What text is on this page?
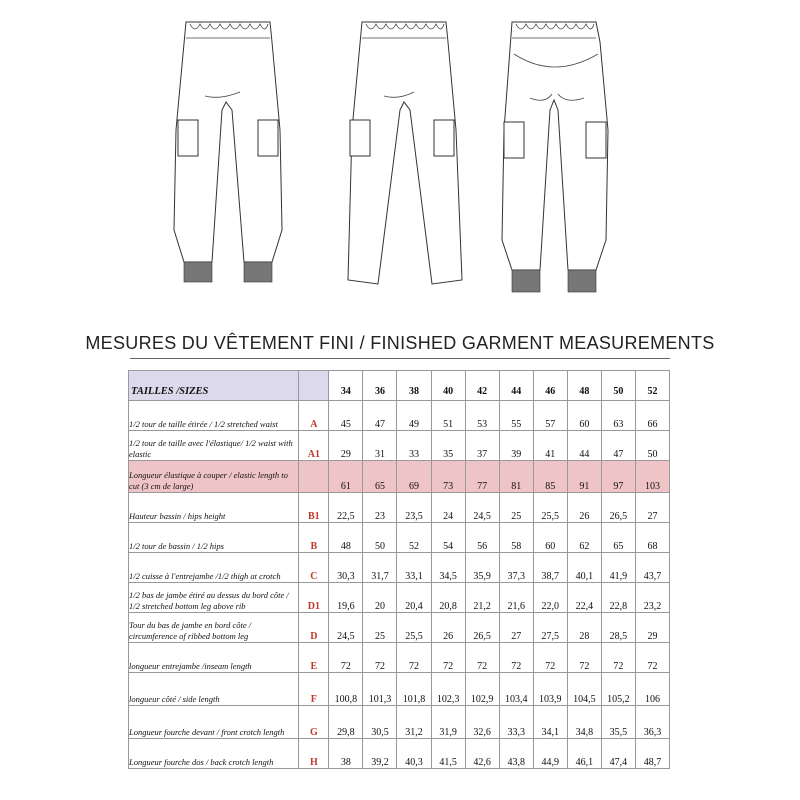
MESURES DU VÊTEMENT FINI / FINISHED GARMENT MEASUREMENTS
TAILLES /SIZES		34	36	38	40	42	44	46	48	50	52
1/2 tour de taille étirée / 1/2 stretched waist	A	45	47	49	51	53	55	57	60	63	66
1/2 tour de taille avec l'élastique/ 1/2 waist with elastic	A1	29	31	33	35	37	39	41	44	47	50
Longueur élastique à couper / elastic length to cut (3 cm de large)		61	65	69	73	77	81	85	91	97	103
Hauteur bassin / hips height	B1	22,5	23	23,5	24	24,5	25	25,5	26	26,5	27
1/2 tour de bassin / 1/2 hips	B	48	50	52	54	56	58	60	62	65	68
1/2 cuisse à l'entrejambe /1/2 thigh at crotch	C	30,3	31,7	33,1	34,5	35,9	37,3	38,7	40,1	41,9	43,7
1/2 bas de jambe étiré au dessus du bord côte / 1/2 stretched bottom leg above rib	D1	19,6	20	20,4	20,8	21,2	21,6	22,0	22,4	22,8	23,2
Tour du bas de jambe en bord côte / circumference of ribbed bottom leg	D	24,5	25	25,5	26	26,5	27	27,5	28	28,5	29
longueur entrejambe /inseam length	E	72	72	72	72	72	72	72	72	72	72
longueur côté / side length	F	100,8	101,3	101,8	102,3	102,9	103,4	103,9	104,5	105,2	106
Longueur fourche devant / front crotch length	G	29,8	30,5	31,2	31,9	32,6	33,3	34,1	34,8	35,5	36,3
Longueur fourche dos / back crotch length	H	38	39,2	40,3	41,5	42,6	43,8	44,9	46,1	47,4	48,7
